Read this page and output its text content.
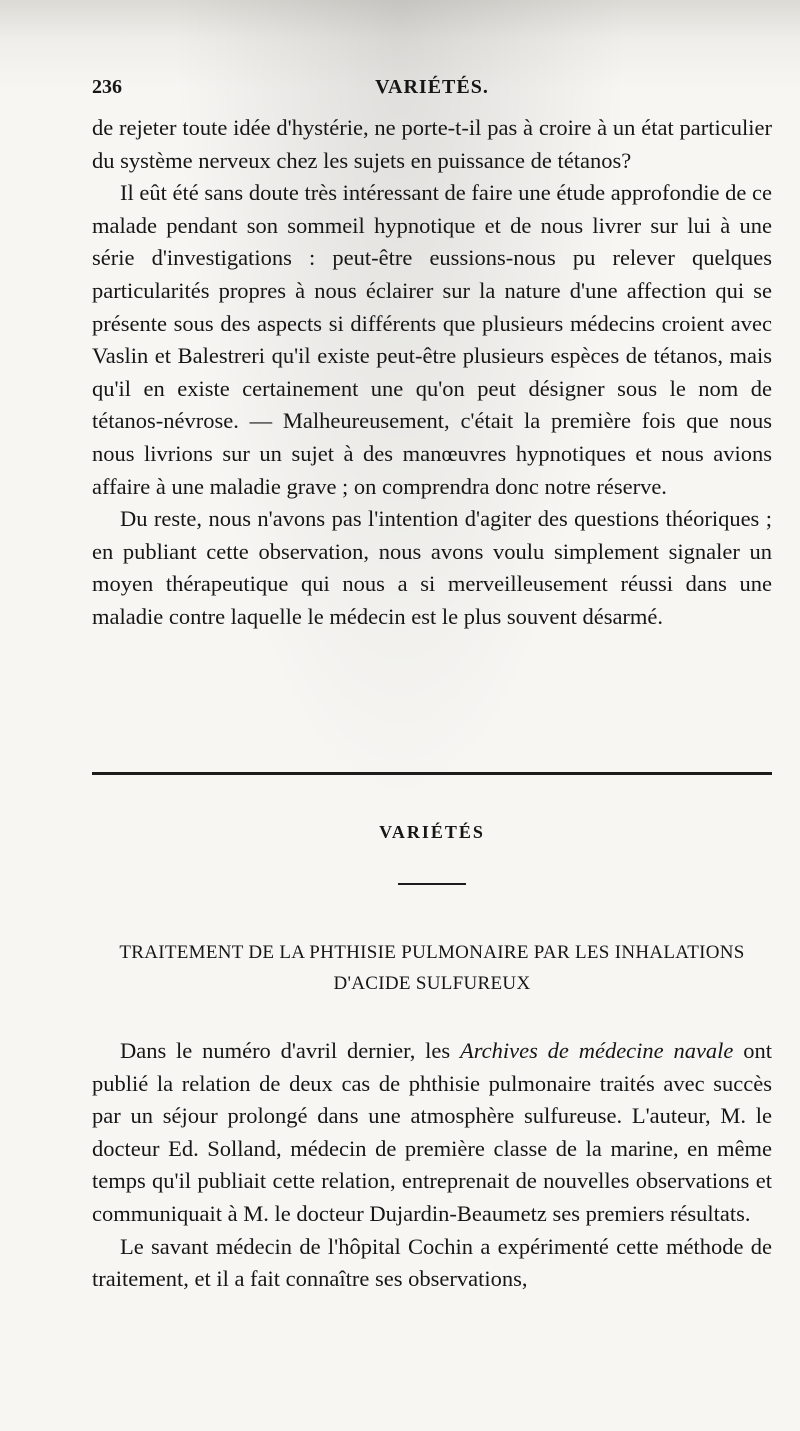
236	VARIÉTÉS.

de rejeter toute idée d'hystérie, ne porte-t-il pas à croire à un état particulier du système nerveux chez les sujets en puissance de tétanos?

Il eût été sans doute très intéressant de faire une étude approfondie de ce malade pendant son sommeil hypnotique et de nous livrer sur lui à une série d'investigations : peut-être eussions-nous pu relever quelques particularités propres à nous éclairer sur la nature d'une affection qui se présente sous des aspects si différents que plusieurs médecins croient avec Vaslin et Balestreri qu'il existe peut-être plusieurs espèces de tétanos, mais qu'il en existe certainement une qu'on peut désigner sous le nom de tétanos-névrose. — Malheureusement, c'était la première fois que nous nous livrions sur un sujet à des manœuvres hypnotiques et nous avions affaire à une maladie grave ; on comprendra donc notre réserve.

Du reste, nous n'avons pas l'intention d'agiter des questions théoriques ; en publiant cette observation, nous avons voulu simplement signaler un moyen thérapeutique qui nous a si merveilleusement réussi dans une maladie contre laquelle le médecin est le plus souvent désarmé.

VARIÉTÉS
TRAITEMENT DE LA PHTHISIE PULMONAIRE PAR LES INHALATIONS
D'ACIDE SULFUREUX

Dans le numéro d'avril dernier, les Archives de médecine navale ont publié la relation de deux cas de phthisie pulmonaire traités avec succès par un séjour prolongé dans une atmosphère sulfureuse. L'auteur, M. le docteur Ed. Solland, médecin de première classe de la marine, en même temps qu'il publiait cette relation, entreprenait de nouvelles observations et communiquait à M. le docteur Dujardin-Beaumetz ses premiers résultats.

Le savant médecin de l'hôpital Cochin a expérimenté cette méthode de traitement, et il a fait connaître ses observations,
